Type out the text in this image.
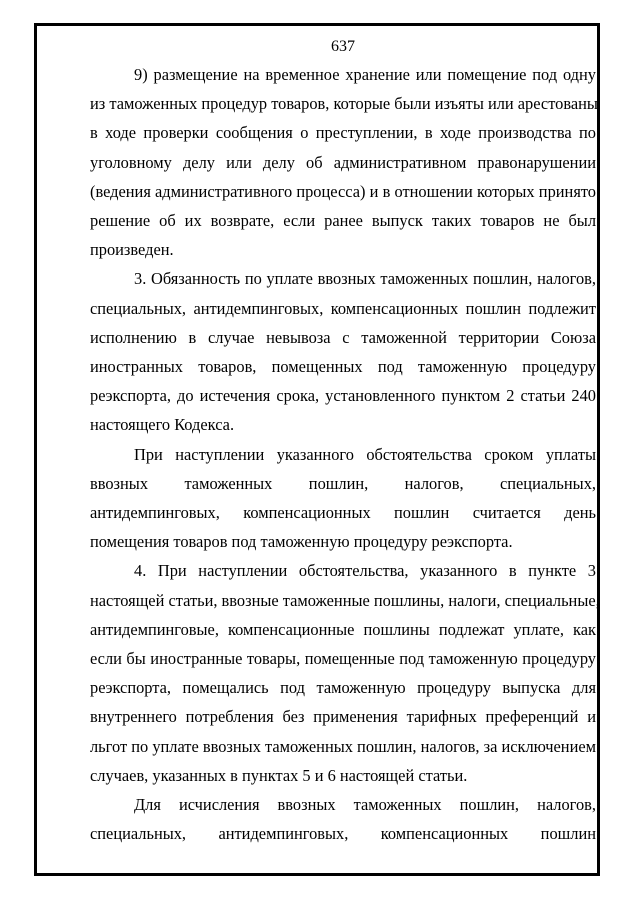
637
9) размещение на временное хранение или помещение под одну
из таможенных процедур товаров, которые были изъяты или арестованы
в ходе проверки сообщения о преступлении, в ходе производства по
уголовному делу или делу об административном правонарушении
(ведения административного процесса) и в отношении которых принято
решение об их возврате, если ранее выпуск таких товаров не был
произведен.
3. Обязанность по уплате ввозных таможенных пошлин, налогов,
специальных, антидемпинговых, компенсационных пошлин подлежит
исполнению в случае невывоза с таможенной территории Союза
иностранных товаров, помещенных под таможенную процедуру
реэкспорта, до истечения срока, установленного пунктом 2 статьи 240
настоящего Кодекса.
При наступлении указанного обстоятельства сроком уплаты
ввозных таможенных пошлин, налогов, специальных,
антидемпинговых, компенсационных пошлин считается день
помещения товаров под таможенную процедуру реэкспорта.
4. При наступлении обстоятельства, указанного в пункте 3
настоящей статьи, ввозные таможенные пошлины, налоги, специальные,
антидемпинговые, компенсационные пошлины подлежат уплате, как
если бы иностранные товары, помещенные под таможенную процедуру
реэкспорта, помещались под таможенную процедуру выпуска для
внутреннего потребления без применения тарифных преференций и
льгот по уплате ввозных таможенных пошлин, налогов, за исключением
случаев, указанных в пунктах 5 и 6 настоящей статьи.
Для исчисления ввозных таможенных пошлин, налогов,
специальных, антидемпинговых, компенсационных пошлин
